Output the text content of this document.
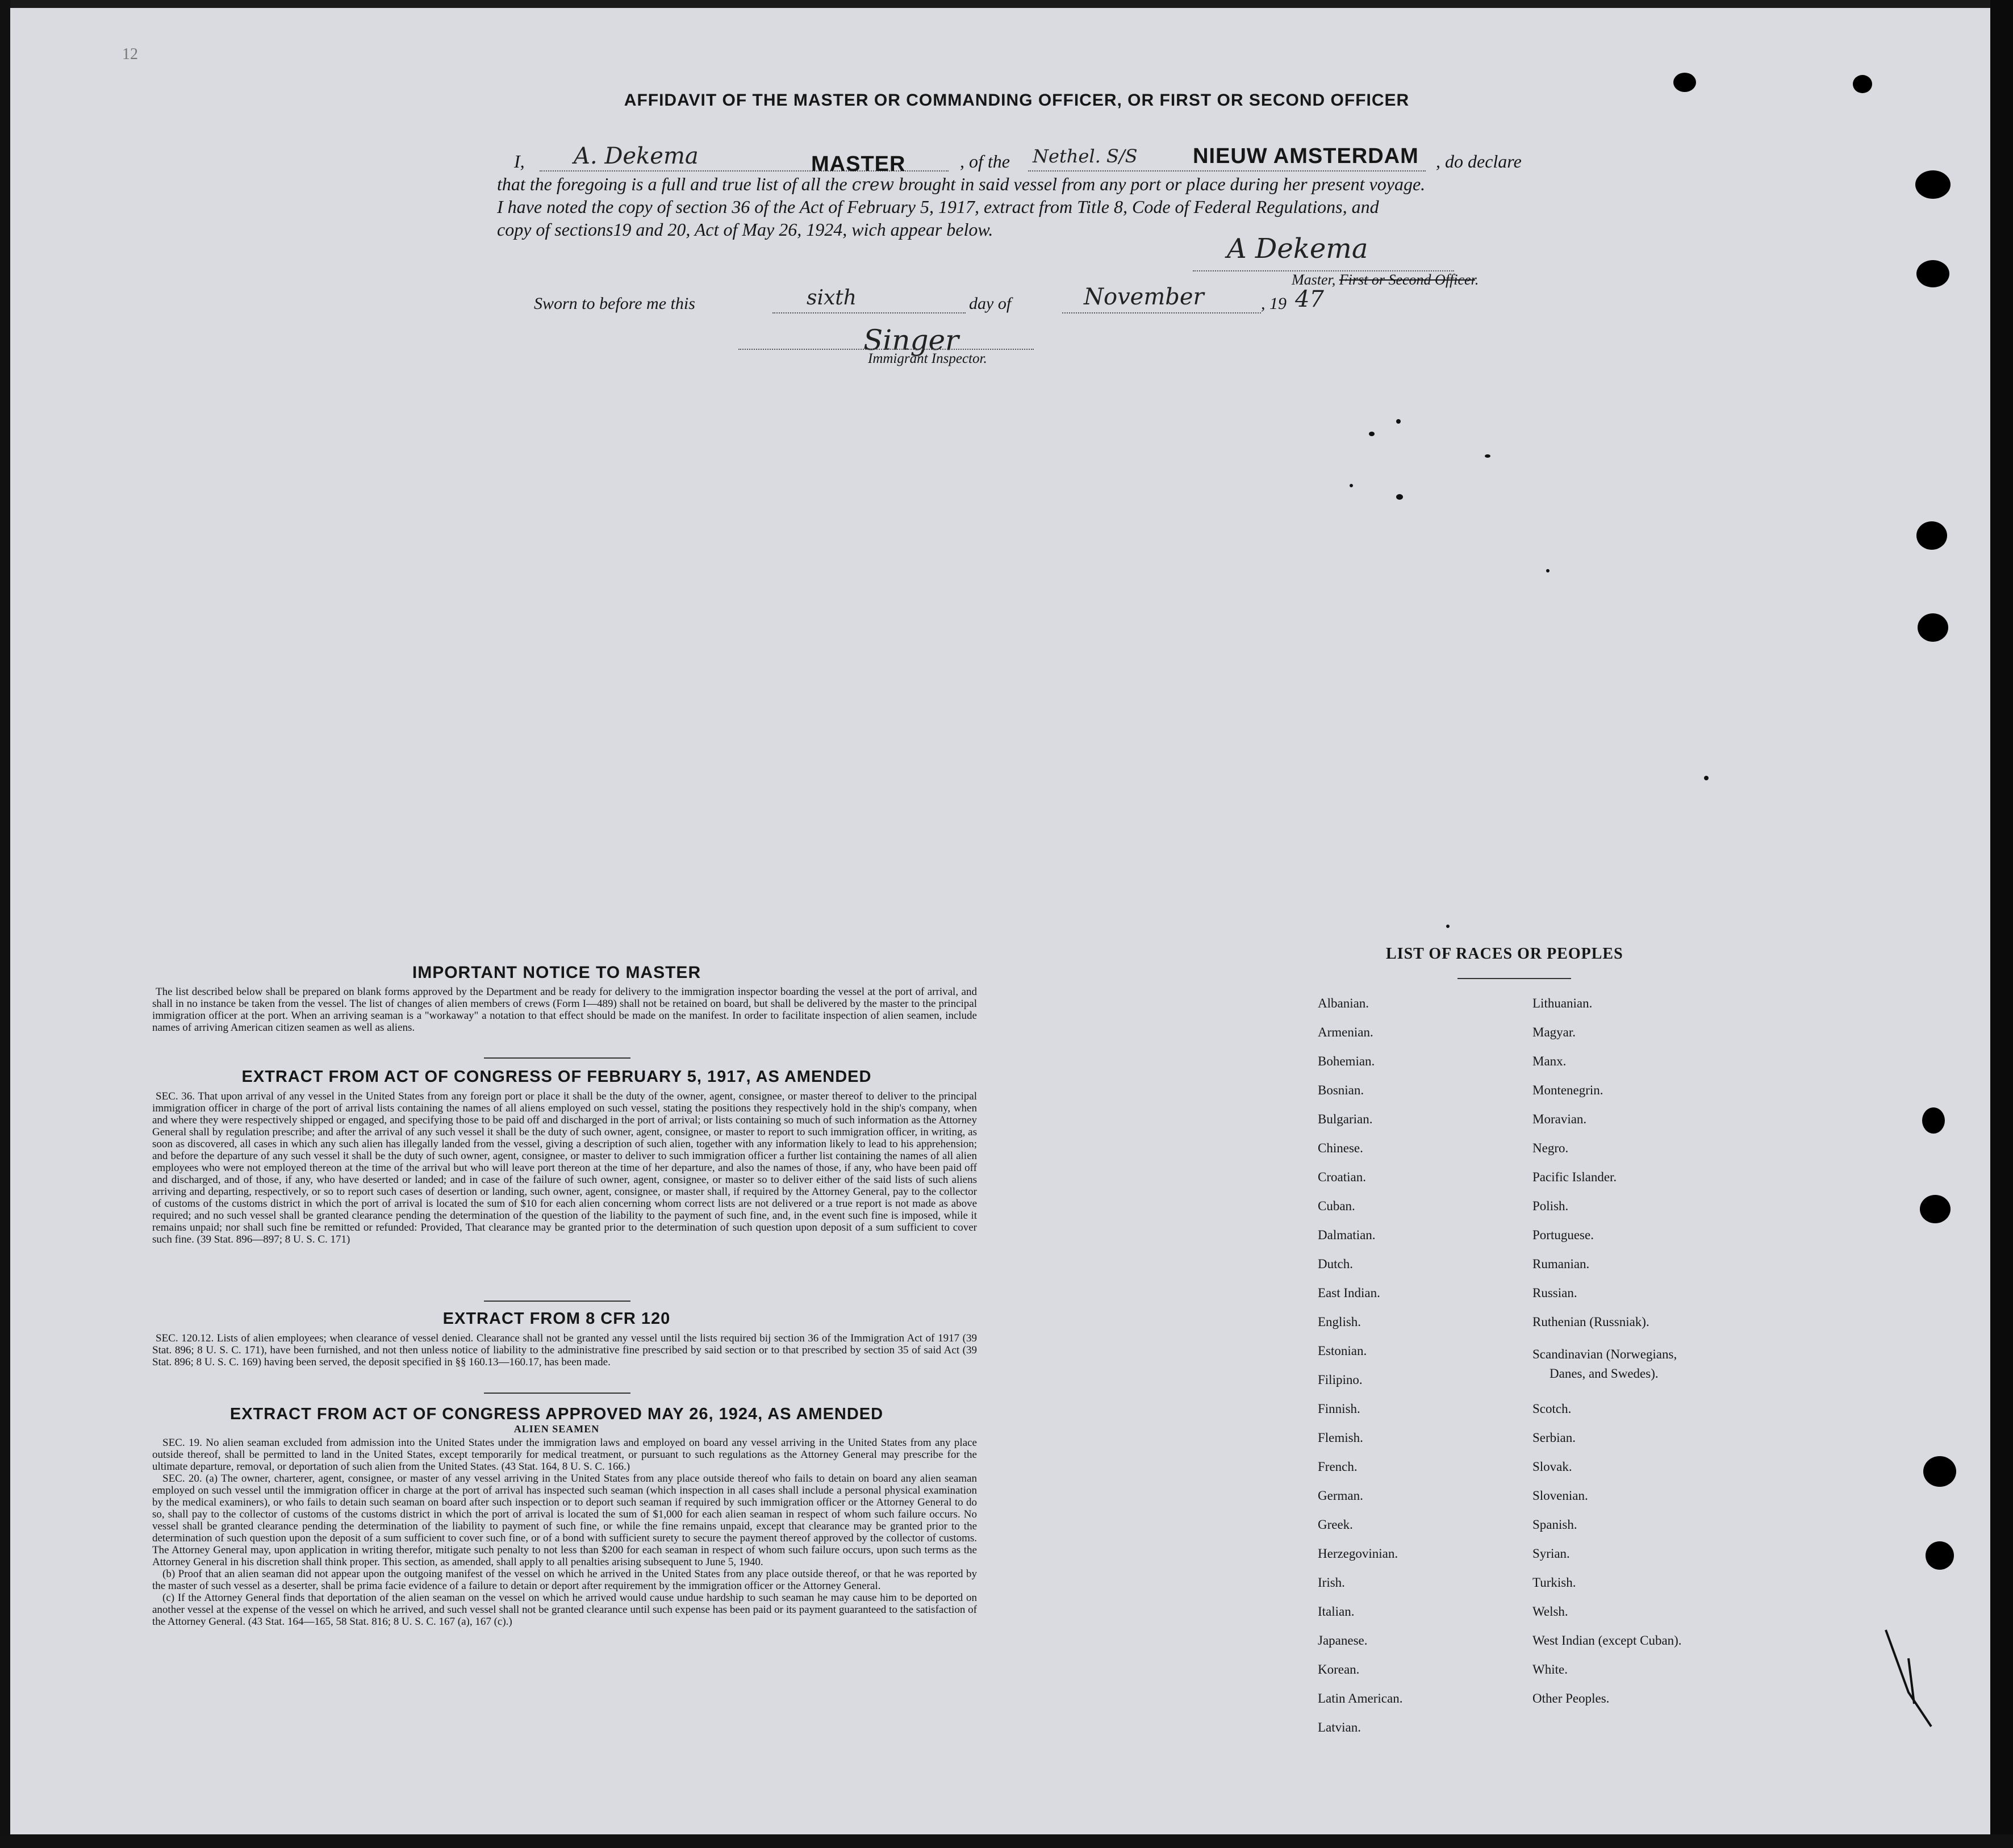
12
AFFIDAVIT OF THE MASTER OR COMMANDING OFFICER, OR FIRST OR SECOND OFFICER
I, A. Dekema	MASTER	, of the Nethel. S/S	NIEUW AMSTERDAM , do declare
that the foregoing is a full and true list of all the crew brought in said vessel from any port or place during her present voyage.
I have noted the copy of section 36 of the Act of February 5, 1917, extract from Title 8, Code of Federal Regulations, and
copy of sections19 and 20, Act of May 26, 1924, wich appear below.
A Dekema
Master, First or Second Officer.
Sworn to before me this	sixth	day of	November	, 19 47
Singer
Immigrant Inspector.
IMPORTANT NOTICE TO MASTER
The list described below shall be prepared on blank forms approved by the Department and be ready for delivery to the immigration inspector boarding the vessel at the port of arrival, and shall in no instance be taken from the vessel. The list of changes of alien members of crews (Form I—489) shall not be retained on board, but shall be delivered by the master to the principal immigration officer at the port. When an arriving seaman is a "workaway" a notation to that effect should be made on the manifest. In order to facilitate inspection of alien seamen, include names of arriving American citizen seamen as well as aliens.
EXTRACT FROM ACT OF CONGRESS OF FEBRUARY 5, 1917, AS AMENDED
SEC. 36. That upon arrival of any vessel in the United States from any foreign port or place it shall be the duty of the owner, agent, consignee, or master thereof to deliver to the principal immigration officer in charge of the port of arrival lists containing the names of all aliens employed on such vessel, stating the positions they respectively hold in the ship's company, when and where they were respectively shipped or engaged, and specifying those to be paid off and discharged in the port of arrival; or lists containing so much of such information as the Attorney General shall by regulation prescribe; and after the arrival of any such vessel it shall be the duty of such owner, agent, consignee, or master to report to such immigration officer, in writing, as soon as discovered, all cases in which any such alien has illegally landed from the vessel, giving a description of such alien, together with any information likely to lead to his apprehension; and before the departure of any such vessel it shall be the duty of such owner, agent, consignee, or master to deliver to such immigration officer a further list containing the names of all alien employees who were not employed thereon at the time of the arrival but who will leave port thereon at the time of her departure, and also the names of those, if any, who have been paid off and discharged, and of those, if any, who have deserted or landed; and in case of the failure of such owner, agent, consignee, or master so to deliver either of the said lists of such aliens arriving and departing, respectively, or so to report such cases of desertion or landing, such owner, agent, consignee, or master shall, if required by the Attorney General, pay to the collector of customs of the customs district in which the port of arrival is located the sum of $10 for each alien concerning whom correct lists are not delivered or a true report is not made as above required; and no such vessel shall be granted clearance pending the determination of the question of the liability to the payment of such fine, and, in the event such fine is imposed, while it remains unpaid; nor shall such fine be remitted or refunded: Provided, That clearance may be granted prior to the determination of such question upon deposit of a sum sufficient to cover such fine. (39 Stat. 896—897; 8 U. S. C. 171)
EXTRACT FROM 8 CFR 120
SEC. 120.12. Lists of alien employees; when clearance of vessel denied. Clearance shall not be granted any vessel until the lists required bij section 36 of the Immigration Act of 1917 (39 Stat. 896; 8 U. S. C. 171), have been furnished, and not then unless notice of liability to the administrative fine prescribed by said section or to that prescribed by section 35 of said Act (39 Stat. 896; 8 U. S. C. 169) having been served, the deposit specified in §§ 160.13—160.17, has been made.
EXTRACT FROM ACT OF CONGRESS APPROVED MAY 26, 1924, AS AMENDED
ALIEN SEAMEN
SEC. 19. No alien seaman excluded from admission into the United States under the immigration laws and employed on board any vessel arriving in the United States from any place outside thereof, shall be permitted to land in the United States, except temporarily for medical treatment, or pursuant to such regulations as the Attorney General may prescribe for the ultimate departure, removal, or deportation of such alien from the United States. (43 Stat. 164, 8 U. S. C. 166.)
SEC. 20. (a) The owner, charterer, agent, consignee, or master of any vessel arriving in the United States from any place outside thereof who fails to detain on board any alien seaman employed on such vessel until the immigration officer in charge at the port of arrival has inspected such seaman (which inspection in all cases shall include a personal physical examination by the medical examiners), or who fails to detain such seaman on board after such inspection or to deport such seaman if required by such immigration officer or the Attorney General to do so, shall pay to the collector of customs of the customs district in which the port of arrival is located the sum of $1,000 for each alien seaman in respect of whom such failure occurs. No vessel shall be granted clearance pending the determination of the liability to payment of such fine, or while the fine remains unpaid, except that clearance may be granted prior to the determination of such question upon the deposit of a sum sufficient to cover such fine, or of a bond with sufficient surety to secure the payment thereof approved by the collector of customs. The Attorney General may, upon application in writing therefor, mitigate such penalty to not less than $200 for each seaman in respect of whom such failure occurs, upon such terms as the Attorney General in his discretion shall think proper. This section, as amended, shall apply to all penalties arising subsequent to June 5, 1940.
(b) Proof that an alien seaman did not appear upon the outgoing manifest of the vessel on which he arrived in the United States from any place outside thereof, or that he was reported by the master of such vessel as a deserter, shall be prima facie evidence of a failure to detain or deport after requirement by the immigration officer or the Attorney General.
(c) If the Attorney General finds that deportation of the alien seaman on the vessel on which he arrived would cause undue hardship to such seaman he may cause him to be deported on another vessel at the expense of the vessel on which he arrived, and such vessel shall not be granted clearance until such expense has been paid or its payment guaranteed to the satisfaction of the Attorney General. (43 Stat. 164—165, 58 Stat. 816; 8 U. S. C. 167 (a), 167 (c).)
LIST OF RACES OR PEOPLES
Albanian.
Armenian.
Bohemian.
Bosnian.
Bulgarian.
Chinese.
Croatian.
Cuban.
Dalmatian.
Dutch.
East Indian.
English.
Estonian.
Filipino.
Finnish.
Flemish.
French.
German.
Greek.
Herzegovinian.
Irish.
Italian.
Japanese.
Korean.
Latin American.
Latvian.
Lithuanian.
Magyar.
Manx.
Montenegrin.
Moravian.
Negro.
Pacific Islander.
Polish.
Portuguese.
Rumanian.
Russian.
Ruthenian (Russniak).
Scandinavian (Norwegians,
Danes, and Swedes).
Scotch.
Serbian.
Slovak.
Slovenian.
Spanish.
Syrian.
Turkish.
Welsh.
West Indian (except Cuban).
White.
Other Peoples.
